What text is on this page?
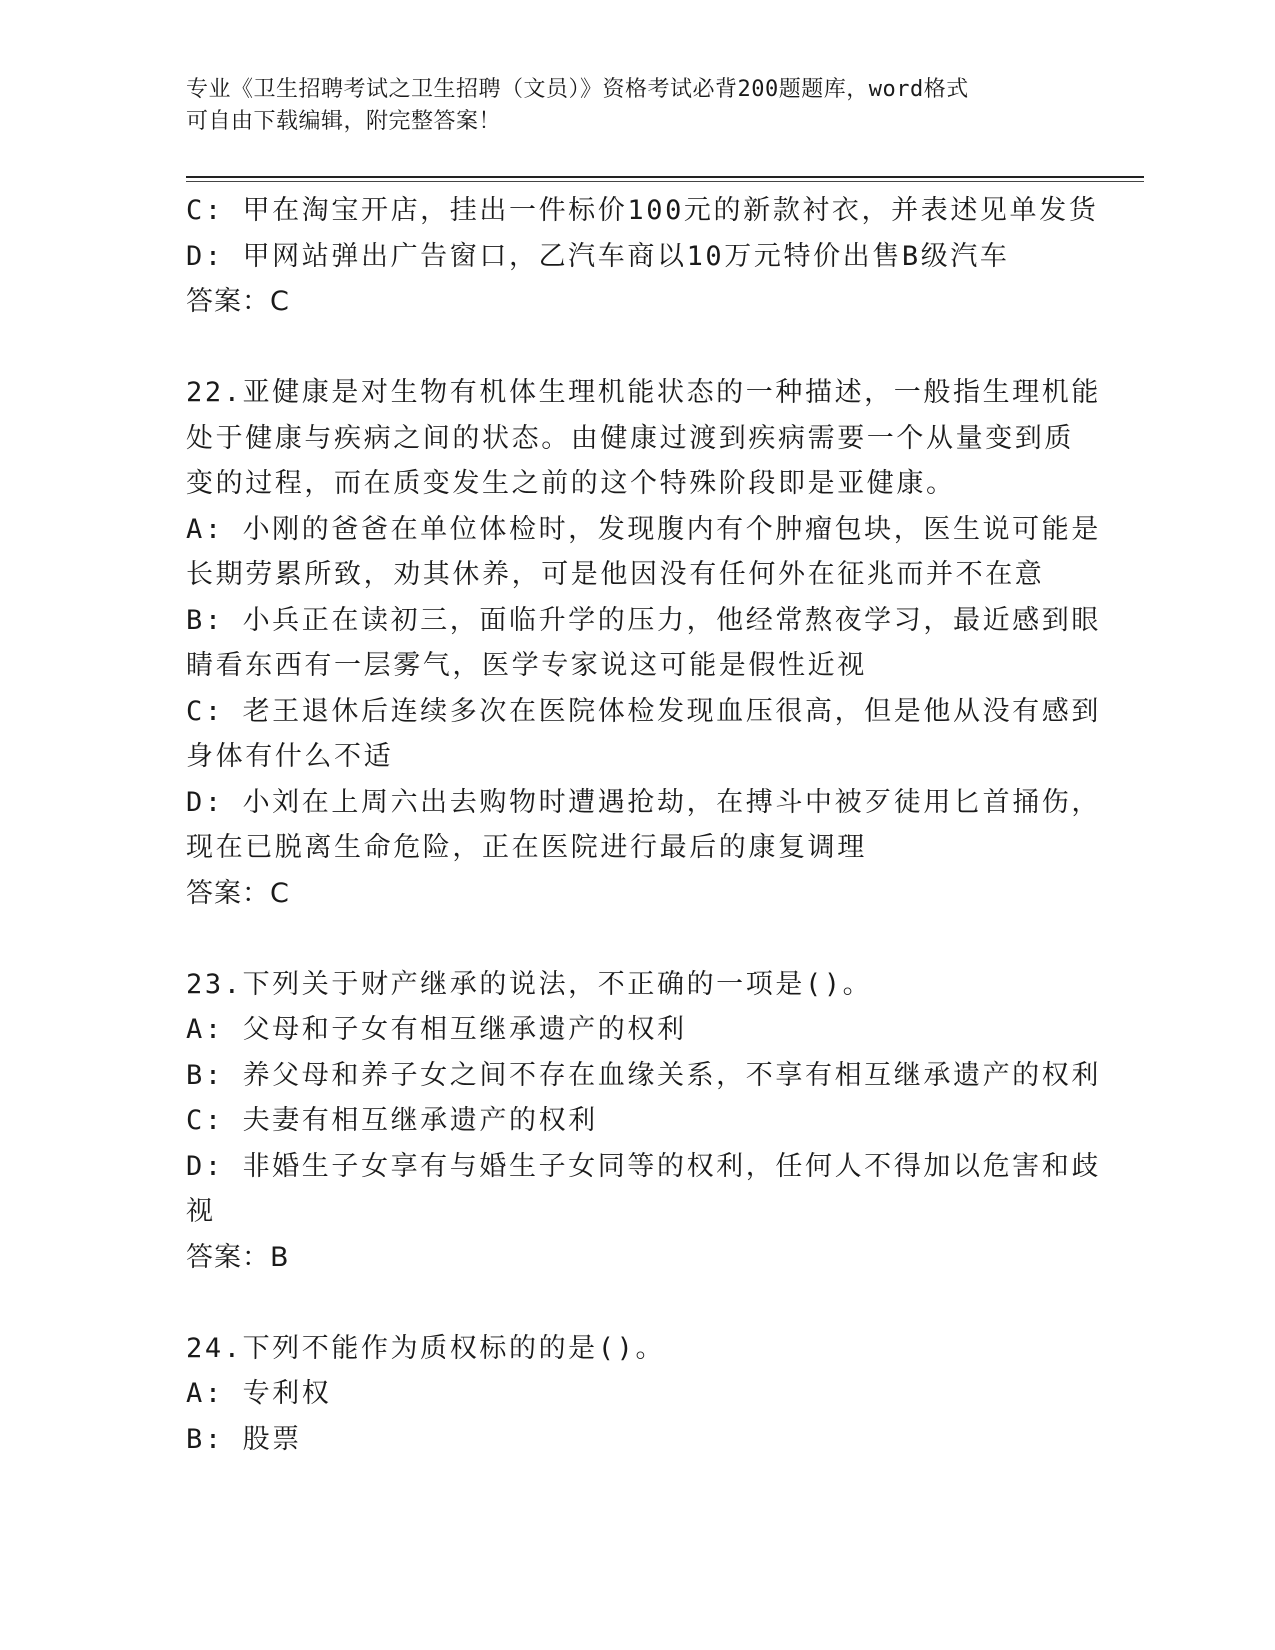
专业《卫生招聘考试之卫生招聘（文员）》资格考试必背200题题库，word格式
可自由下载编辑，附完整答案！
C: 甲在淘宝开店，挂出一件标价100元的新款衬衣，并表述见单发货
D: 甲网站弹出广告窗口，乙汽车商以10万元特价出售B级汽车
答案：C
22.亚健康是对生物有机体生理机能状态的一种描述，一般指生理机能
处于健康与疾病之间的状态。由健康过渡到疾病需要一个从量变到质
变的过程，而在质变发生之前的这个特殊阶段即是亚健康。
A: 小刚的爸爸在单位体检时，发现腹内有个肿瘤包块，医生说可能是
长期劳累所致，劝其休养，可是他因没有任何外在征兆而并不在意
B: 小兵正在读初三，面临升学的压力，他经常熬夜学习，最近感到眼
睛看东西有一层雾气，医学专家说这可能是假性近视
C: 老王退休后连续多次在医院体检发现血压很高，但是他从没有感到
身体有什么不适
D: 小刘在上周六出去购物时遭遇抢劫，在搏斗中被歹徒用匕首捅伤，
现在已脱离生命危险，正在医院进行最后的康复调理
答案：C
23.下列关于财产继承的说法，不正确的一项是()。
A: 父母和子女有相互继承遗产的权利
B: 养父母和养子女之间不存在血缘关系，不享有相互继承遗产的权利
C: 夫妻有相互继承遗产的权利
D: 非婚生子女享有与婚生子女同等的权利，任何人不得加以危害和歧
视
答案：B
24.下列不能作为质权标的的是()。
A: 专利权
B: 股票
